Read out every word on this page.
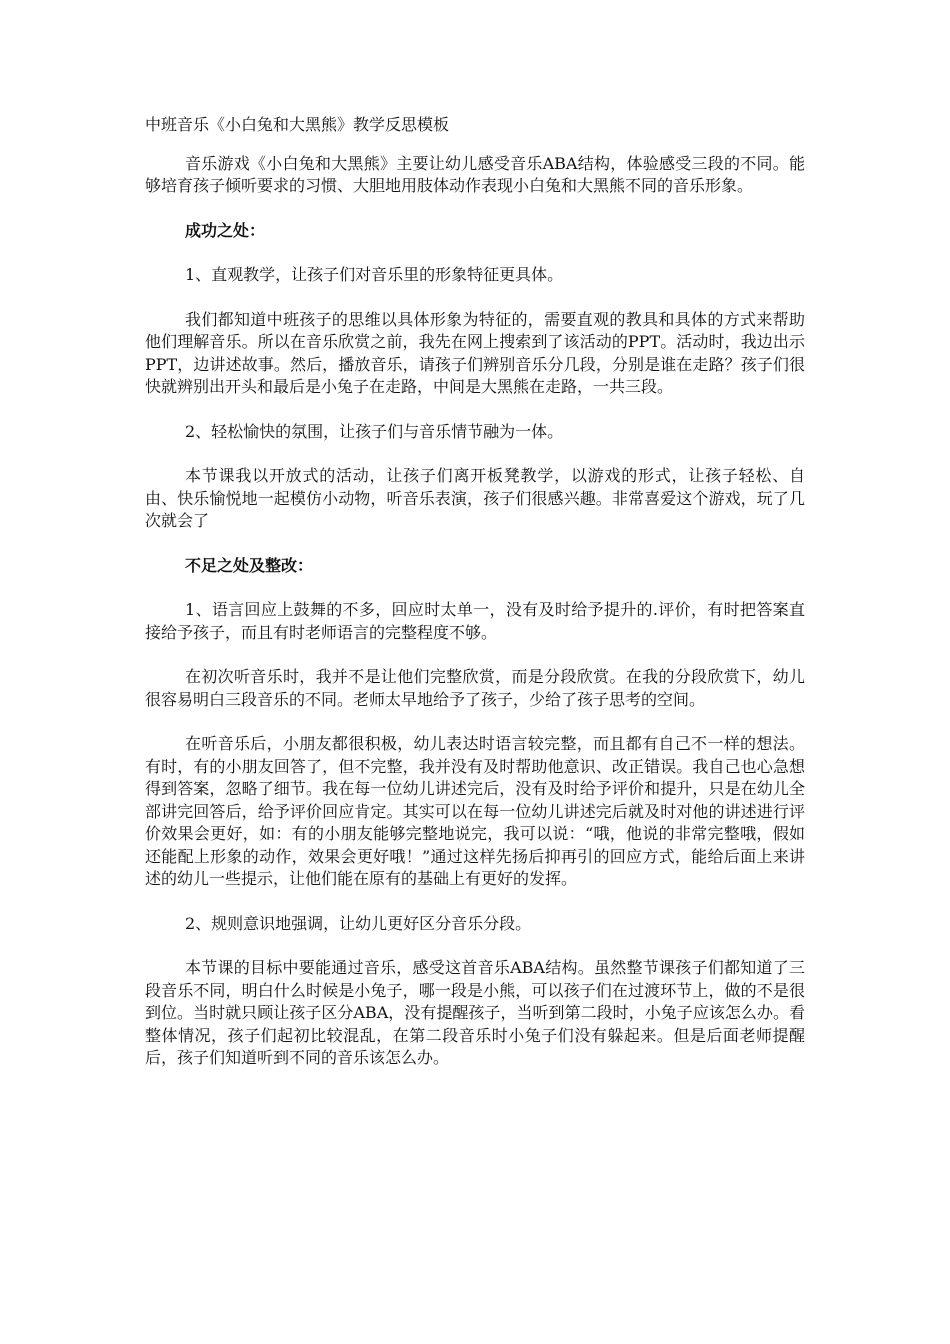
中班音乐《小白兔和大黑熊》教学反思模板
音乐游戏《小白兔和大黑熊》主要让幼儿感受音乐ABA结构，体验感受三段的不同。能够培育孩子倾听要求的习惯、大胆地用肢体动作表现小白兔和大黑熊不同的音乐形象。
成功之处：
1、直观教学，让孩子们对音乐里的形象特征更具体。
我们都知道中班孩子的思维以具体形象为特征的，需要直观的教具和具体的方式来帮助他们理解音乐。所以在音乐欣赏之前，我先在网上搜索到了该活动的PPT。活动时，我边出示PPT，边讲述故事。然后，播放音乐，请孩子们辨别音乐分几段，分别是谁在走路？孩子们很快就辨别出开头和最后是小兔子在走路，中间是大黑熊在走路，一共三段。
2、轻松愉快的氛围，让孩子们与音乐情节融为一体。
本节课我以开放式的活动，让孩子们离开板凳教学，以游戏的形式，让孩子轻松、自由、快乐愉悦地一起模仿小动物，听音乐表演，孩子们很感兴趣。非常喜爱这个游戏，玩了几次就会了
不足之处及整改：
1、语言回应上鼓舞的不多，回应时太单一，没有及时给予提升的.评价，有时把答案直接给予孩子，而且有时老师语言的完整程度不够。
在初次听音乐时，我并不是让他们完整欣赏，而是分段欣赏。在我的分段欣赏下，幼儿很容易明白三段音乐的不同。老师太早地给予了孩子，少给了孩子思考的空间。
在听音乐后，小朋友都很积极，幼儿表达时语言较完整，而且都有自己不一样的想法。有时，有的小朋友回答了，但不完整，我并没有及时帮助他意识、改正错误。我自己也心急想得到答案，忽略了细节。我在每一位幼儿讲述完后，没有及时给予评价和提升，只是在幼儿全部讲完回答后，给予评价回应肯定。其实可以在每一位幼儿讲述完后就及时对他的讲述进行评价效果会更好，如：有的小朋友能够完整地说完，我可以说：“哦，他说的非常完整哦，假如还能配上形象的动作，效果会更好哦！”通过这样先扬后抑再引的回应方式，能给后面上来讲述的幼儿一些提示，让他们能在原有的基础上有更好的发挥。
2、规则意识地强调，让幼儿更好区分音乐分段。
本节课的目标中要能通过音乐，感受这首音乐ABA结构。虽然整节课孩子们都知道了三段音乐不同，明白什么时候是小兔子，哪一段是小熊，可以孩子们在过渡环节上，做的不是很到位。当时就只顾让孩子区分ABA，没有提醒孩子，当听到第二段时，小兔子应该怎么办。看整体情况，孩子们起初比较混乱，在第二段音乐时小兔子们没有躲起来。但是后面老师提醒后，孩子们知道听到不同的音乐该怎么办。
